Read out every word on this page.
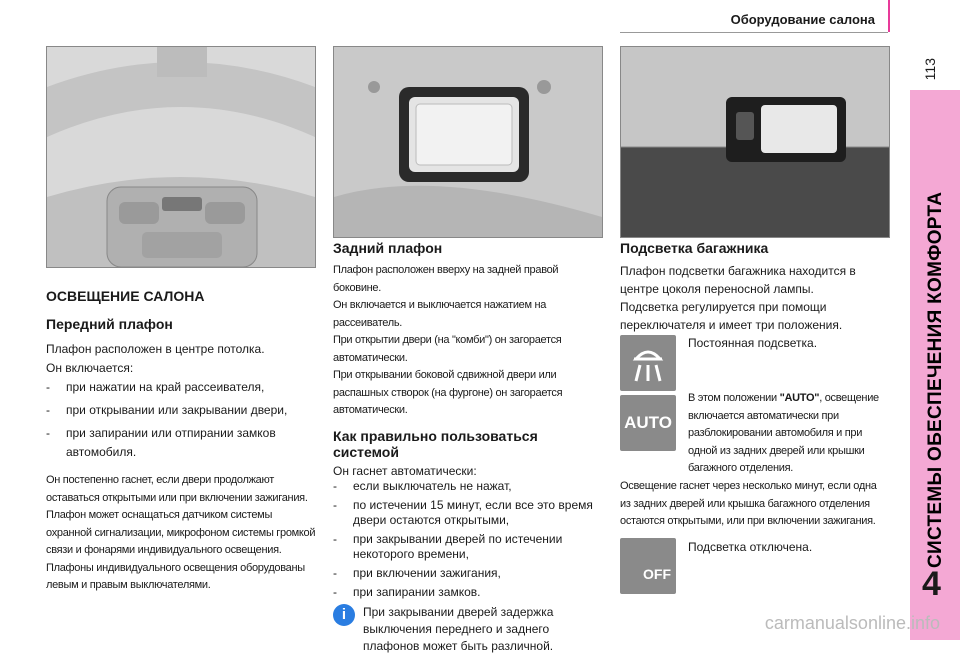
Оборудование салона
113
СИСТЕМЫ ОБЕСПЕЧЕНИЯ КОМФОРТА
4
ОСВЕЩЕНИЕ САЛОНА
Передний плафон
Плафон расположен в центре потолка.
Он включается:
-	при нажатии на край рассеивателя,
-	при открывании или закрывании двери,
-	при запирании или отпирании замков автомобиля.
Он постепенно гаснет, если двери продолжают оставаться открытыми или при включении зажигания.
Плафон может оснащаться датчиком системы охранной сигнализации, микрофоном системы громкой связи и фонарями индивидуального освещения.
Плафоны индивидуального освещения оборудованы левым и правым выключателями.
Задний плафон
Плафон расположен вверху на задней правой боковине.
Он включается и выключается нажатием на рассеиватель.
При открытии двери (на "комби") он загорается автоматически.
При открывании боковой сдвижной двери или распашных створок (на фургоне) он загорается автоматически.
Как правильно пользоваться системой
Он гаснет автоматически:
-	если выключатель не нажат,
-	по истечении 15 минут, если все это время двери остаются открытыми,
-	при закрывании дверей по истечении некоторого времени,
-	при включении зажигания,
-	при запирании замков.
i	При закрывании дверей задержка выключения переднего и заднего плафонов может быть различной.
Подсветка багажника
Плафон подсветки багажника находится в центре цоколя переносной лампы.
Подсветка регулируется при помощи переключателя и имеет три положения.
Постоянная подсветка.
AUTO
В этом положении "AUTO", освещение включается автоматически при разблокировании автомобиля и при одной из задних дверей или крышки багажного отделения.
Освещение гаснет через несколько минут, если одна из задних дверей или крышка багажного отделения остаются открытыми, или при включении зажигания.
OFF
Подсветка отключена.
carmanualsonline.info
